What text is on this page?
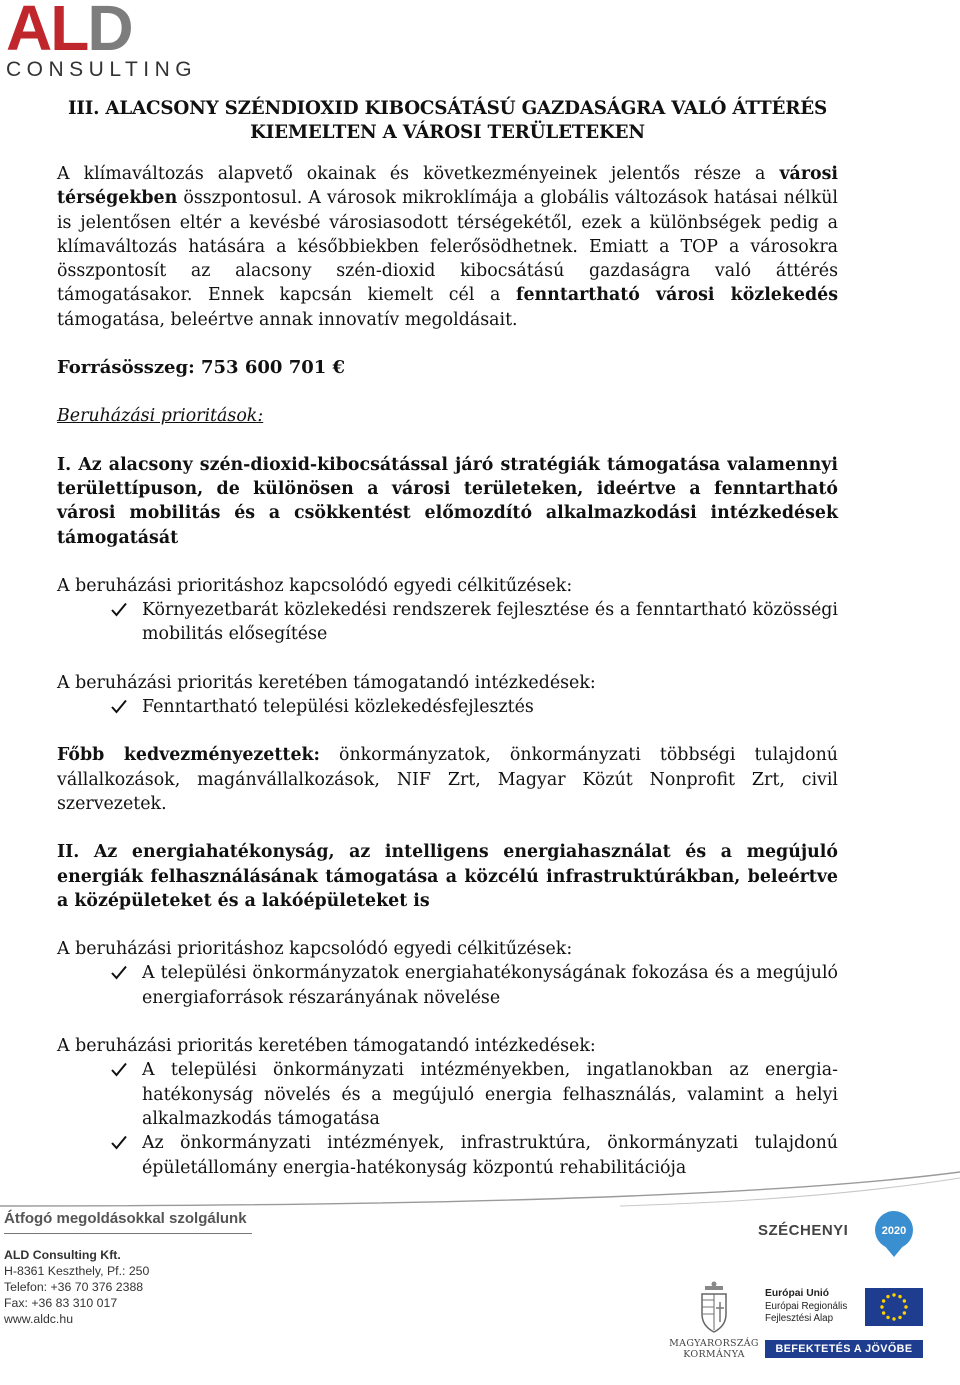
ALD
CONSULTING
III. ALACSONY SZÉNDIOXID KIBOCSÁTÁSÚ GAZDASÁGRA VALÓ ÁTTÉRÉS
KIEMELTEN A VÁROSI TERÜLETEKEN

A klímaváltozás alapvető okainak és következményeinek jelentős része a városi térségekben összpontosul. A városok mikroklímája a globális változások hatásai nélkül is jelentősen eltér a kevésbé városiasodott térségekétől, ezek a különbségek pedig a klímaváltozás hatására a későbbiekben felerősödhetnek. Emiatt a TOP a városokra összpontosít az alacsony szén-dioxid kibocsátású gazdaságra való áttérés támogatásakor. Ennek kapcsán kiemelt cél a fenntartható városi közlekedés támogatása, beleértve annak innovatív megoldásait.

Forrásösszeg: 753 600 701 €

Beruházási prioritások:

I. Az alacsony szén-dioxid-kibocsátással járó stratégiák támogatása valamennyi területtípuson, de különösen a városi területeken, ideértve a fenntartható városi mobilitás és a csökkentést előmozdító alkalmazkodási intézkedések támogatását

A beruházási prioritáshoz kapcsolódó egyedi célkitűzések:

Környezetbarát közlekedési rendszerek fejlesztése és a fenntartható közösségi mobilitás elősegítése

A beruházási prioritás keretében támogatandó intézkedések:

Fenntartható települési közlekedésfejlesztés

Főbb kedvezményezettek: önkormányzatok, önkormányzati többségi tulajdonú vállalkozások, magánvállalkozások, NIF Zrt, Magyar Közút Nonprofit Zrt, civil szervezetek.

II. Az energiahatékonyság, az intelligens energiahasználat és a megújuló energiák felhasználásának támogatása a közcélú infrastruktúrákban, beleértve a középületeket és a lakóépületeket is

A beruházási prioritáshoz kapcsolódó egyedi célkitűzések:

A települési önkormányzatok energiahatékonyságának fokozása és a megújuló energiaforrások részarányának növelése

A beruházási prioritás keretében támogatandó intézkedések:

A települési önkormányzati intézményekben, ingatlanokban az energia-hatékonyság növelés és a megújuló energia felhasználás, valamint a helyi alkalmazkodás támogatása
Az önkormányzati intézmények, infrastruktúra, önkormányzati tulajdonú épületállomány energia-hatékonyság központú rehabilitációja
Átfogó megoldásokkal szolgálunk
ALD Consulting Kft.
H-8361 Keszthely, Pf.: 250
Telefon: +36 70 376 2388
Fax: +36 83 310 017
www.aldc.hu
SZÉCHENYI	2020
MAGYARORSZÁG
KORMÁNYA
Európai Unió
Európai Regionális
Fejlesztési Alap
BEFEKTETÉS A JÖVŐBE
